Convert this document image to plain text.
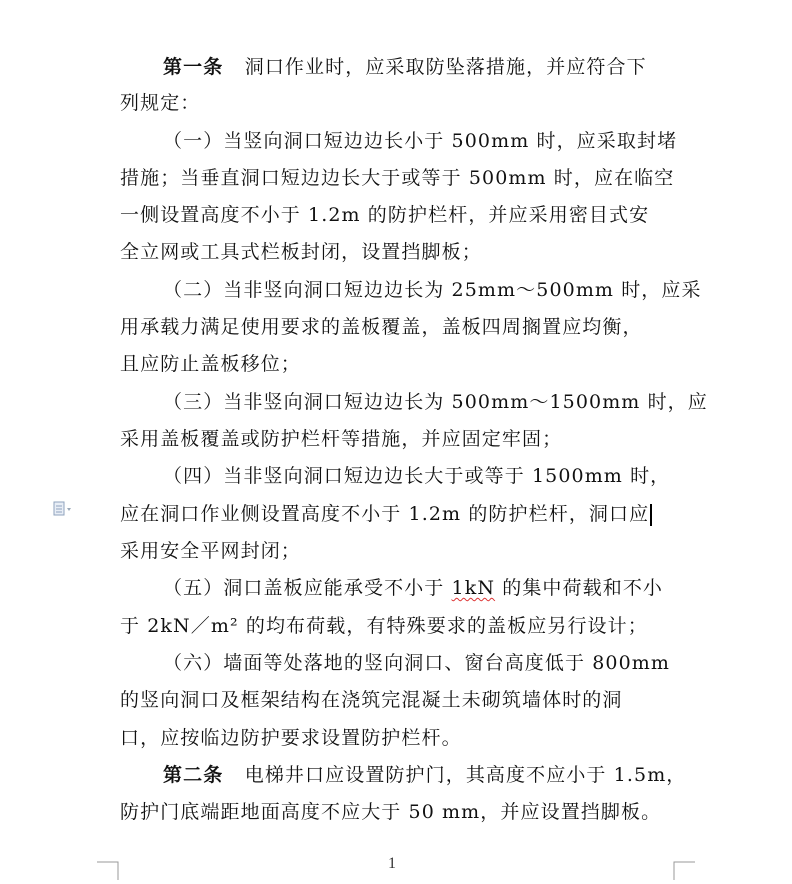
第一条 洞口作业时，应采取防坠落措施，并应符合下
列规定：
（一）当竖向洞口短边边长小于 500mm 时，应采取封堵
措施；当垂直洞口短边边长大于或等于 500mm 时，应在临空
一侧设置高度不小于 1.2m 的防护栏杆，并应采用密目式安
全立网或工具式栏板封闭，设置挡脚板；
（二）当非竖向洞口短边边长为 25mm～500mm 时，应采
用承载力满足使用要求的盖板覆盖，盖板四周搁置应均衡，
且应防止盖板移位；
（三）当非竖向洞口短边边长为 500mm～1500mm 时，应
采用盖板覆盖或防护栏杆等措施，并应固定牢固；
（四）当非竖向洞口短边边长大于或等于 1500mm 时，
应在洞口作业侧设置高度不小于 1.2m 的防护栏杆，洞口应
采用安全平网封闭；
（五）洞口盖板应能承受不小于 1kN 的集中荷载和不小
于 2kN／m² 的均布荷载，有特殊要求的盖板应另行设计；
（六）墙面等处落地的竖向洞口、窗台高度低于 800mm
的竖向洞口及框架结构在浇筑完混凝土未砌筑墙体时的洞
口，应按临边防护要求设置防护栏杆。
第二条 电梯井口应设置防护门，其高度不应小于 1.5m，
防护门底端距地面高度不应大于 50 mm，并应设置挡脚板。
1
